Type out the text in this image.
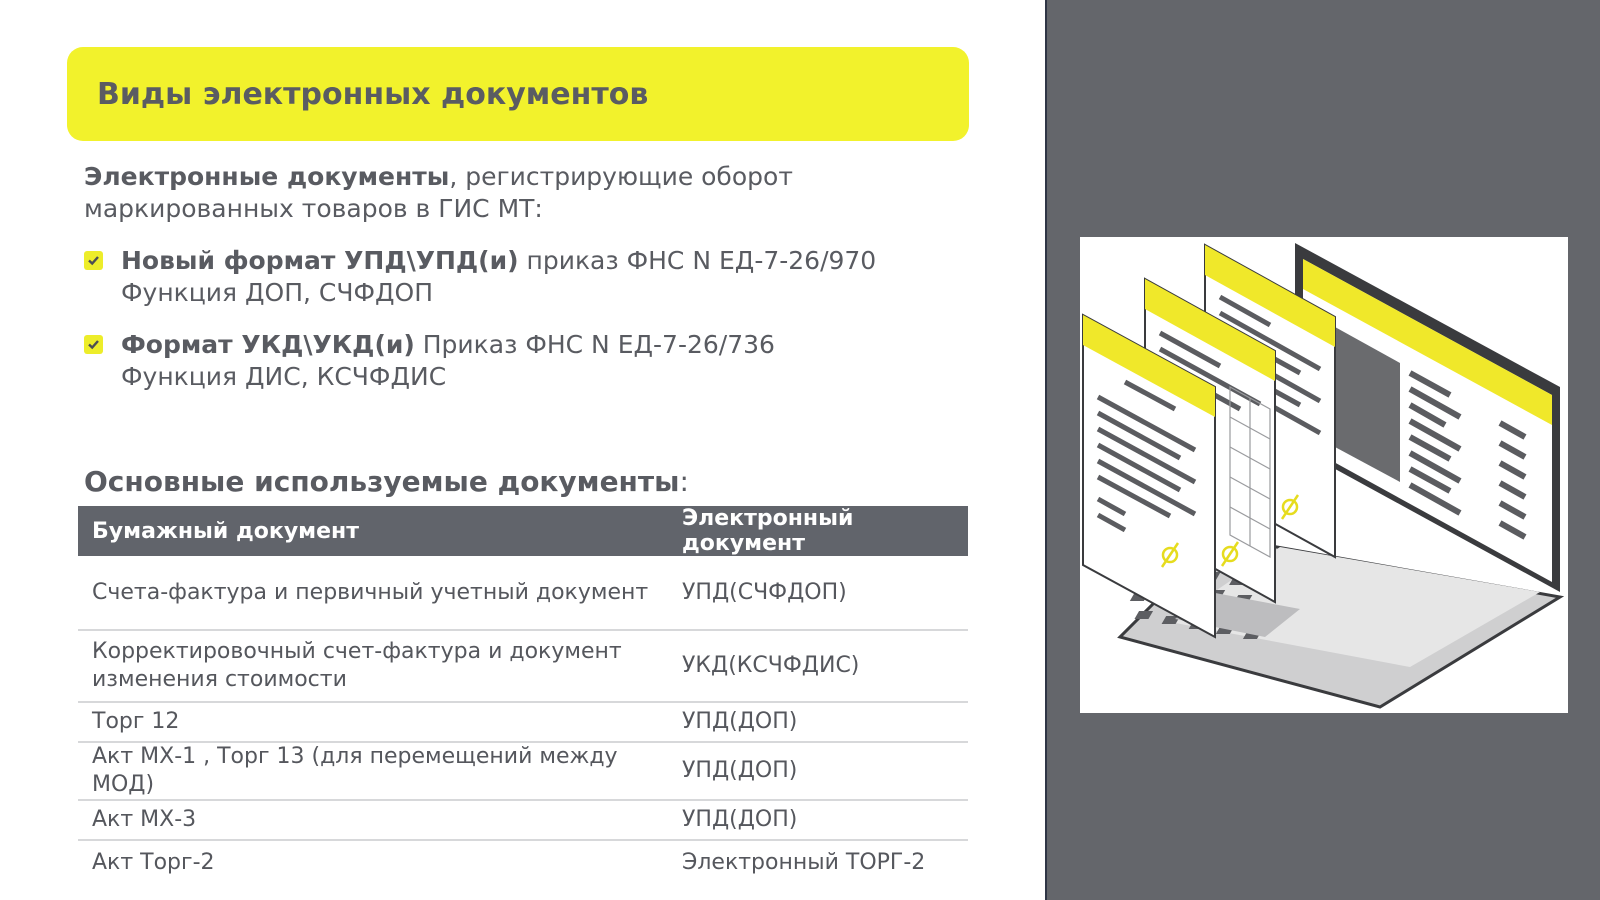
Виды электронных документов
Электронные документы, регистрирующие оборот
маркированных товаров в ГИС МТ:
Новый формат УПД\УПД(и) приказ ФНС N ЕД-7-26/970
Функция ДОП, СЧФДОП
Формат УКД\УКД(и) Приказ ФНС N ЕД-7-26/736
Функция ДИС, КСЧФДИС
Основные используемые документы:
Бумажный документ	Электронный документ
Счета-фактура и первичный учетный документ	УПД(СЧФДОП)
Корректировочный счет-фактура и документ изменения стоимости	УКД(КСЧФДИС)
Торг 12	УПД(ДОП)
Акт МХ-1 , Торг 13 (для перемещений между МОД)	УПД(ДОП)
Акт МХ-3	УПД(ДОП)
Акт Торг-2	Электронный ТОРГ-2
